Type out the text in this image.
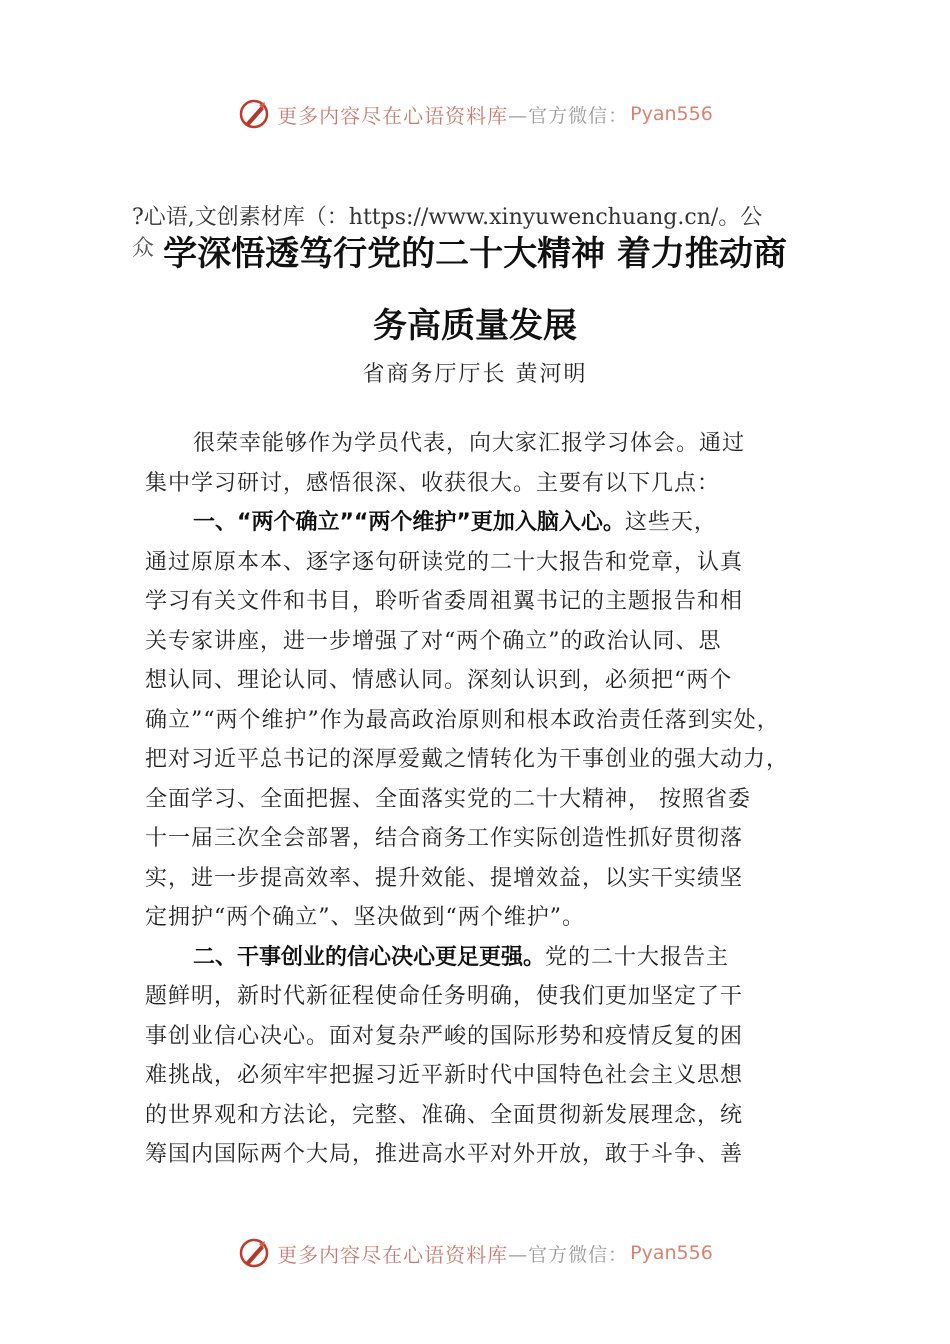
更多内容尽在心语资料库 —官方微信： Pyan556
?心语,文创素材库（：https://www.xinyuwenchuang.cn/。公
众 学深悟透笃行党的二十大精神 着力推动商
务高质量发展
省商务厅厅长 黄河明
很荣幸能够作为学员代表，向大家汇报学习体会。通过
集中学习研讨，感悟很深、收获很大。主要有以下几点：
一、“两个确立”“两个维护”更加入脑入心。这些天，
通过原原本本、逐字逐句研读党的二十大报告和党章，认真
学习有关文件和书目，聆听省委周祖翼书记的主题报告和相
关专家讲座，进一步增强了对“两个确立”的政治认同、思
想认同、理论认同、情感认同。深刻认识到，必须把“两个
确立”“两个维护”作为最高政治原则和根本政治责任落到实处，
把对习近平总书记的深厚爱戴之情转化为干事创业的强大动力，
全面学习、全面把握、全面落实党的二十大精神， 按照省委
十一届三次全会部署，结合商务工作实际创造性抓好贯彻落
实，进一步提高效率、提升效能、提增效益，以实干实绩坚
定拥护“两个确立”、坚决做到“两个维护”。
二、干事创业的信心决心更足更强。党的二十大报告主
题鲜明，新时代新征程使命任务明确，使我们更加坚定了干
事创业信心决心。面对复杂严峻的国际形势和疫情反复的困
难挑战，必须牢牢把握习近平新时代中国特色社会主义思想
的世界观和方法论，完整、准确、全面贯彻新发展理念，统
筹国内国际两个大局，推进高水平对外开放，敢于斗争、善
更多内容尽在心语资料库 —官方微信： Pyan556
